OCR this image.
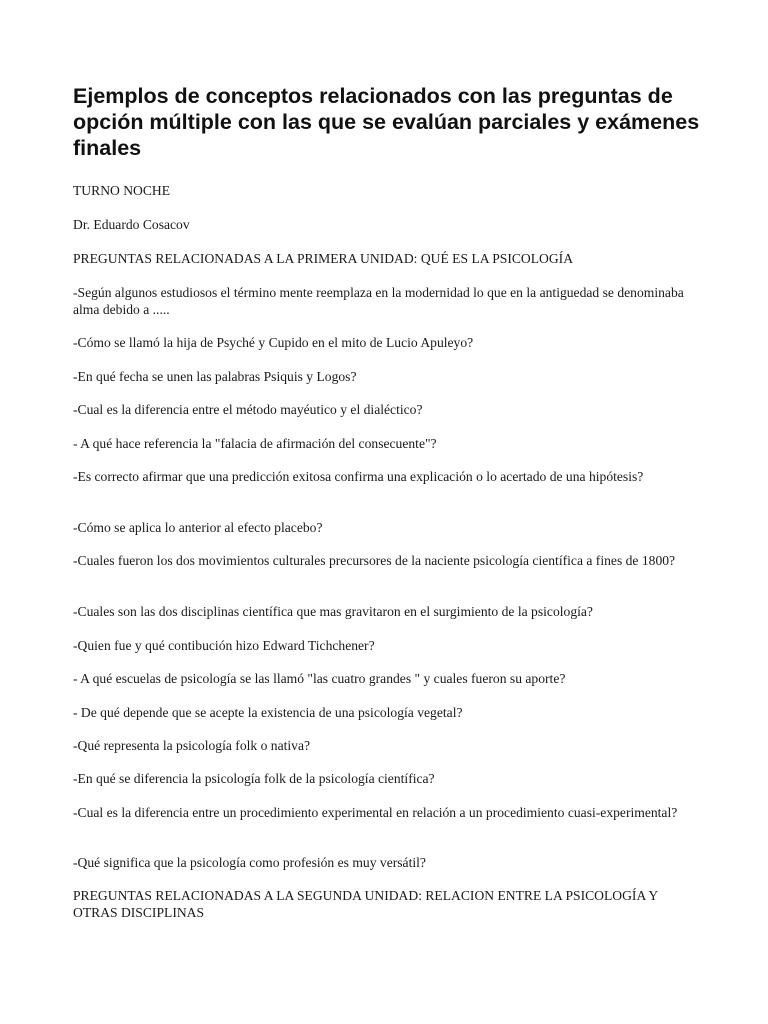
Ejemplos de conceptos relacionados con las preguntas de opción múltiple con las que se evalúan parciales y exámenes finales

TURNO NOCHE

Dr. Eduardo Cosacov

PREGUNTAS RELACIONADAS A LA PRIMERA UNIDAD: QUÉ ES LA PSICOLOGÍA

-Según algunos estudiosos el término mente reemplaza en la modernidad lo que en la antiguedad se denominaba alma debido a .....

-Cómo se llamó la hija de Psyché y Cupido en el mito de Lucio Apuleyo?

-En qué fecha se unen las palabras Psiquis y Logos?

-Cual es la diferencia entre el método mayéutico y el dialéctico?

- A qué hace referencia la "falacia de afirmación del consecuente"?

-Es correcto afirmar que una predicción exitosa confirma una explicación o lo acertado de una hipótesis?

-Cómo se aplica lo anterior al efecto placebo?

-Cuales fueron los dos movimientos culturales precursores de la naciente psicología científica a fines de 1800?

-Cuales son las dos disciplinas científica que mas gravitaron en el surgimiento de la psicología?

-Quien fue y qué contibución hizo Edward Tichchener?

- A qué escuelas de psicología se las llamó "las cuatro grandes " y cuales fueron su aporte?

- De qué depende que se acepte la existencia de una psicología vegetal?

-Qué representa la psicología folk o nativa?

-En qué se diferencia la psicología folk de la psicología científica?

-Cual es la diferencia entre un procedimiento experimental en relación a un procedimiento cuasi-experimental?

-Qué significa que la psicología como profesión es muy versátil?

PREGUNTAS RELACIONADAS A LA SEGUNDA UNIDAD: RELACION ENTRE LA PSICOLOGÍA Y OTRAS DISCIPLINAS
